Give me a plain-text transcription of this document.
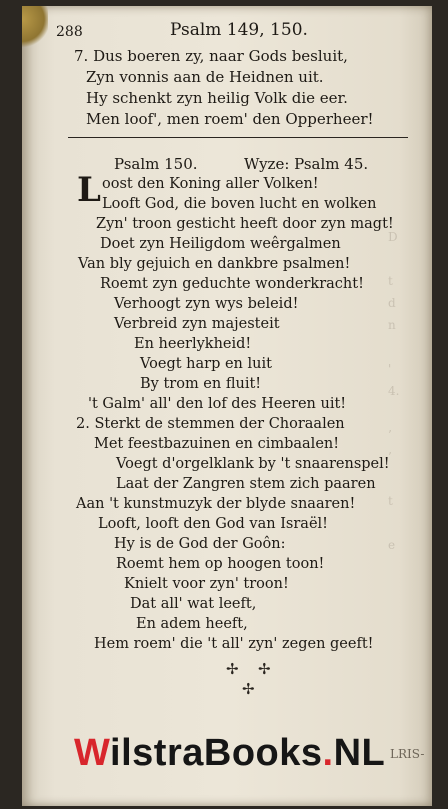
D

t
d
n

'
4.

’
’

t

e
288	Psalm 149, 150.
7. Dus boeren zy, naar Gods besluit,
Zyn vonnis aan de Heidnen uit.
Hy schenkt zyn heilig Volk die eer.
Men loof', men roem' den Opperheer!
Psalm 150.	Wyze: Psalm 45.
L oost den Koning aller Volken!
Looft God, die boven lucht en wolken
Zyn' troon gesticht heeft door zyn magt!
Doet zyn Heiligdom weêrgalmen
Van bly gejuich en dankbre psalmen!
Roemt zyn geduchte wonderkracht!
Verhoogt zyn wys beleid!
Verbreid zyn majesteit
En heerlykheid!
Voegt harp en luit
By trom en fluit!
't Galm' all' den lof des Heeren uit!
2. Sterkt de stemmen der Choraalen
Met feestbazuinen en cimbaalen!
Voegt d'orgelklank by 't snaarenspel!
Laat der Zangren stem zich paaren
Aan 't kunstmuzyk der blyde snaaren!
Looft, looft den God van Israël!
Hy is de God der Goôn:
Roemt hem op hoogen toon!
Knielt voor zyn' troon!
Dat all' wat leeft,
En adem heeft,
Hem roem' die 't all' zyn' zegen geeft!
✢ ✢
✢
WilstraBooks.NL LRIS-
